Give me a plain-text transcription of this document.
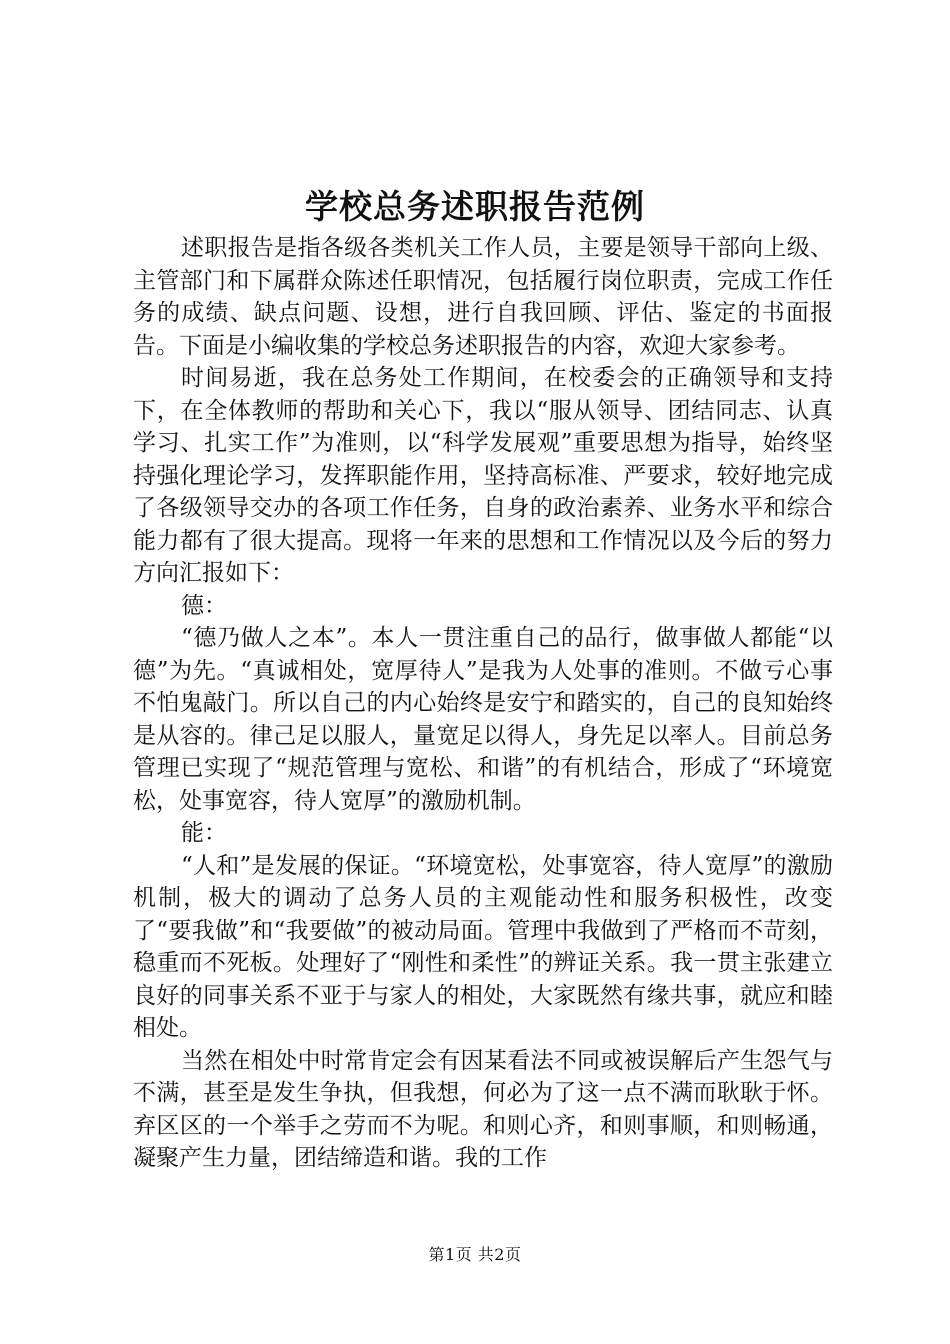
学校总务述职报告范例

述职报告是指各级各类机关工作人员，主要是领导干部向上级、主管部门和下属群众陈述任职情况，包括履行岗位职责，完成工作任务的成绩、缺点问题、设想，进行自我回顾、评估、鉴定的书面报告。下面是小编收集的学校总务述职报告的内容，欢迎大家参考。

时间易逝，我在总务处工作期间，在校委会的正确领导和支持下，在全体教师的帮助和关心下，我以“服从领导、团结同志、认真学习、扎实工作”为准则，以“科学发展观”重要思想为指导，始终坚持强化理论学习，发挥职能作用，坚持高标准、严要求，较好地完成了各级领导交办的各项工作任务，自身的政治素养、业务水平和综合能力都有了很大提高。现将一年来的思想和工作情况以及今后的努力方向汇报如下：

德：

“德乃做人之本”。本人一贯注重自己的品行，做事做人都能“以德”为先。“真诚相处，宽厚待人”是我为人处事的准则。不做亏心事不怕鬼敲门。所以自己的内心始终是安宁和踏实的，自己的良知始终是从容的。律己足以服人，量宽足以得人，身先足以率人。目前总务管理已实现了“规范管理与宽松、和谐”的有机结合，形成了“环境宽松，处事宽容，待人宽厚”的激励机制。

能：

“人和”是发展的保证。“环境宽松，处事宽容，待人宽厚”的激励机制，极大的调动了总务人员的主观能动性和服务积极性，改变了“要我做”和“我要做”的被动局面。管理中我做到了严格而不苛刻，稳重而不死板。处理好了“刚性和柔性”的辨证关系。我一贯主张建立良好的同事关系不亚于与家人的相处，大家既然有缘共事，就应和睦相处。

当然在相处中时常肯定会有因某看法不同或被误解后产生怨气与不满，甚至是发生争执，但我想，何必为了这一点不满而耿耿于怀。弃区区的一个举手之劳而不为呢。和则心齐，和则事顺，和则畅通，凝聚产生力量，团结缔造和谐。我的工作

第1页 共2页
